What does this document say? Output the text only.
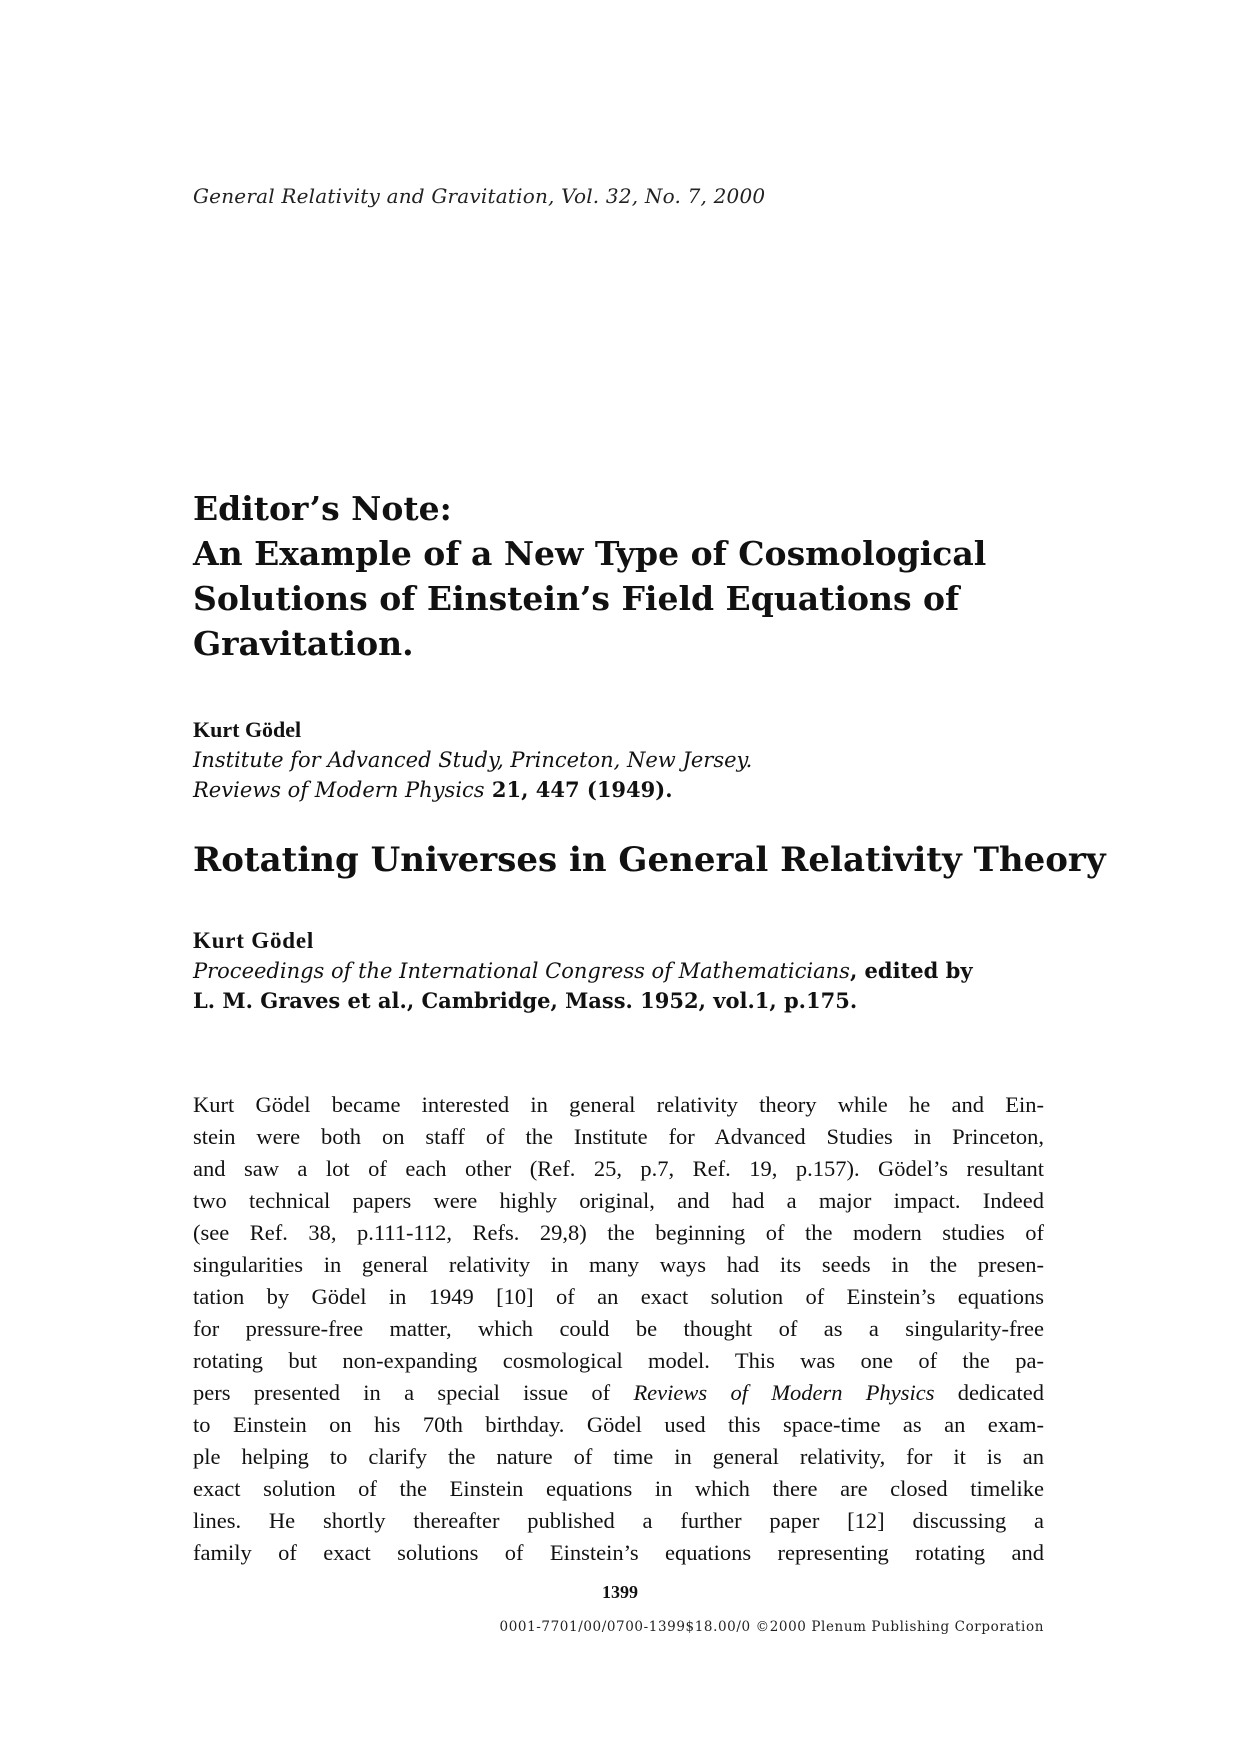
General Relativity and Gravitation, Vol. 32, No. 7, 2000
Editor’s Note:
An Example of a New Type of Cosmological
Solutions of Einstein’s Field Equations of
Gravitation.
Kurt Gödel
Institute for Advanced Study, Princeton, New Jersey.
Reviews of Modern Physics 21, 447 (1949).
Rotating Universes in General Relativity Theory
Kurt Gödel
Proceedings of the International Congress of Mathematicians, edited by
L. M. Graves et al., Cambridge, Mass. 1952, vol.1, p.175.
Kurt Gödel became interested in general relativity theory while he and Ein-
stein were both on staff of the Institute for Advanced Studies in Princeton,
and saw a lot of each other (Ref. 25, p.7, Ref. 19, p.157). Gödel’s resultant
two technical papers were highly original, and had a major impact. Indeed
(see Ref. 38, p.111-112, Refs. 29,8) the beginning of the modern studies of
singularities in general relativity in many ways had its seeds in the presen-
tation by Gödel in 1949 [10] of an exact solution of Einstein’s equations
for pressure-free matter, which could be thought of as a singularity-free
rotating but non-expanding cosmological model. This was one of the pa-
pers presented in a special issue of Reviews of Modern Physics dedicated
to Einstein on his 70th birthday. Gödel used this space-time as an exam-
ple helping to clarify the nature of time in general relativity, for it is an
exact solution of the Einstein equations in which there are closed timelike
lines. He shortly thereafter published a further paper [12] discussing a
family of exact solutions of Einstein’s equations representing rotating and
1399
0001-7701/00/0700-1399$18.00/0 ©2000 Plenum Publishing Corporation
